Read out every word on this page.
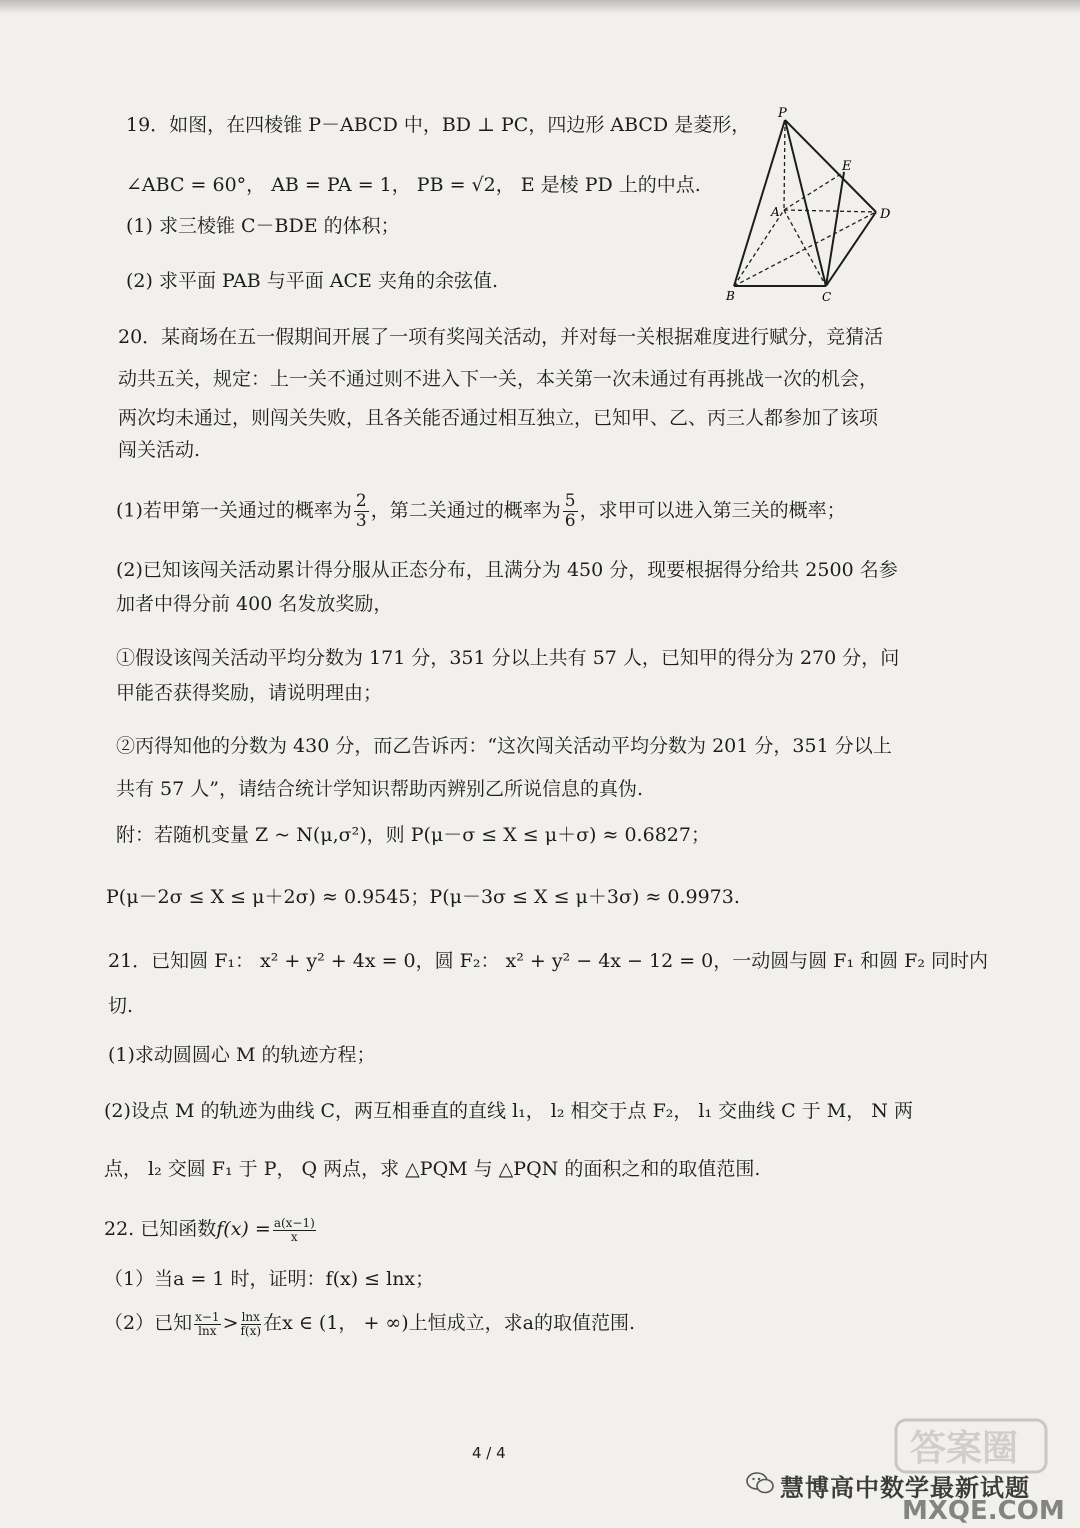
19．如图，在四棱锥 P－ABCD 中，BD ⊥ PC，四边形 ABCD 是菱形，
∠ABC = 60°， AB = PA = 1， PB = √2， E 是棱 PD 上的中点.
(1) 求三棱锥 C－BDE 的体积；
(2) 求平面 PAB 与平面 ACE 夹角的余弦值.
P
E
A	D
B	C
20．某商场在五一假期间开展了一项有奖闯关活动，并对每一关根据难度进行赋分，竞猜活
动共五关，规定：上一关不通过则不进入下一关，本关第一次未通过有再挑战一次的机会，
两次均未通过，则闯关失败，且各关能否通过相互独立，已知甲、乙、丙三人都参加了该项
闯关活动.
(1)若甲第一关通过的概率为 $\frac{2}{3}$ ，第二关通过的概率为 $\frac{5}{6}$ ，求甲可以进入第三关的概率；
(2)已知该闯关活动累计得分服从正态分布，且满分为 450 分，现要根据得分给共 2500 名参
加者中得分前 400 名发放奖励，
①假设该闯关活动平均分数为 171 分，351 分以上共有 57 人，已知甲的得分为 270 分，问
甲能否获得奖励，请说明理由；
②丙得知他的分数为 430 分，而乙告诉丙：“这次闯关活动平均分数为 201 分，351 分以上
共有 57 人”，请结合统计学知识帮助丙辨别乙所说信息的真伪.
附：若随机变量 Z ~ N(μ,σ²)，则 P(μ－σ ≤ X ≤ μ＋σ) ≈ 0.6827；
P(μ－2σ ≤ X ≤ μ＋2σ) ≈ 0.9545；P(μ－3σ ≤ X ≤ μ＋3σ) ≈ 0.9973.
21．已知圆 F₁： x² + y² + 4x = 0，圆 F₂： x² + y² − 4x − 12 = 0，一动圆与圆 F₁ 和圆 F₂ 同时内
切.
(1)求动圆圆心 M 的轨迹方程；
(2)设点 M 的轨迹为曲线 C，两互相垂直的直线 l₁， l₂ 相交于点 F₂， l₁ 交曲线 C 于 M， N 两
点， l₂ 交圆 F₁ 于 P， Q 两点，求 △PQM 与 △PQN 的面积之和的取值范围.
22. 已知函数$f(x) = \frac{a(x-1)}{x}$
（1）当a = 1 时，证明：f(x) ≤ lnx；
（2）已知 $\frac{x-1}{\ln x} > \frac{\ln x}{f(x)}$ 在x ∈ (1， + ∞)上恒成立，求a的取值范围.
4 / 4	答案圈
慧博高中数学最新试题
MXQE.COM
